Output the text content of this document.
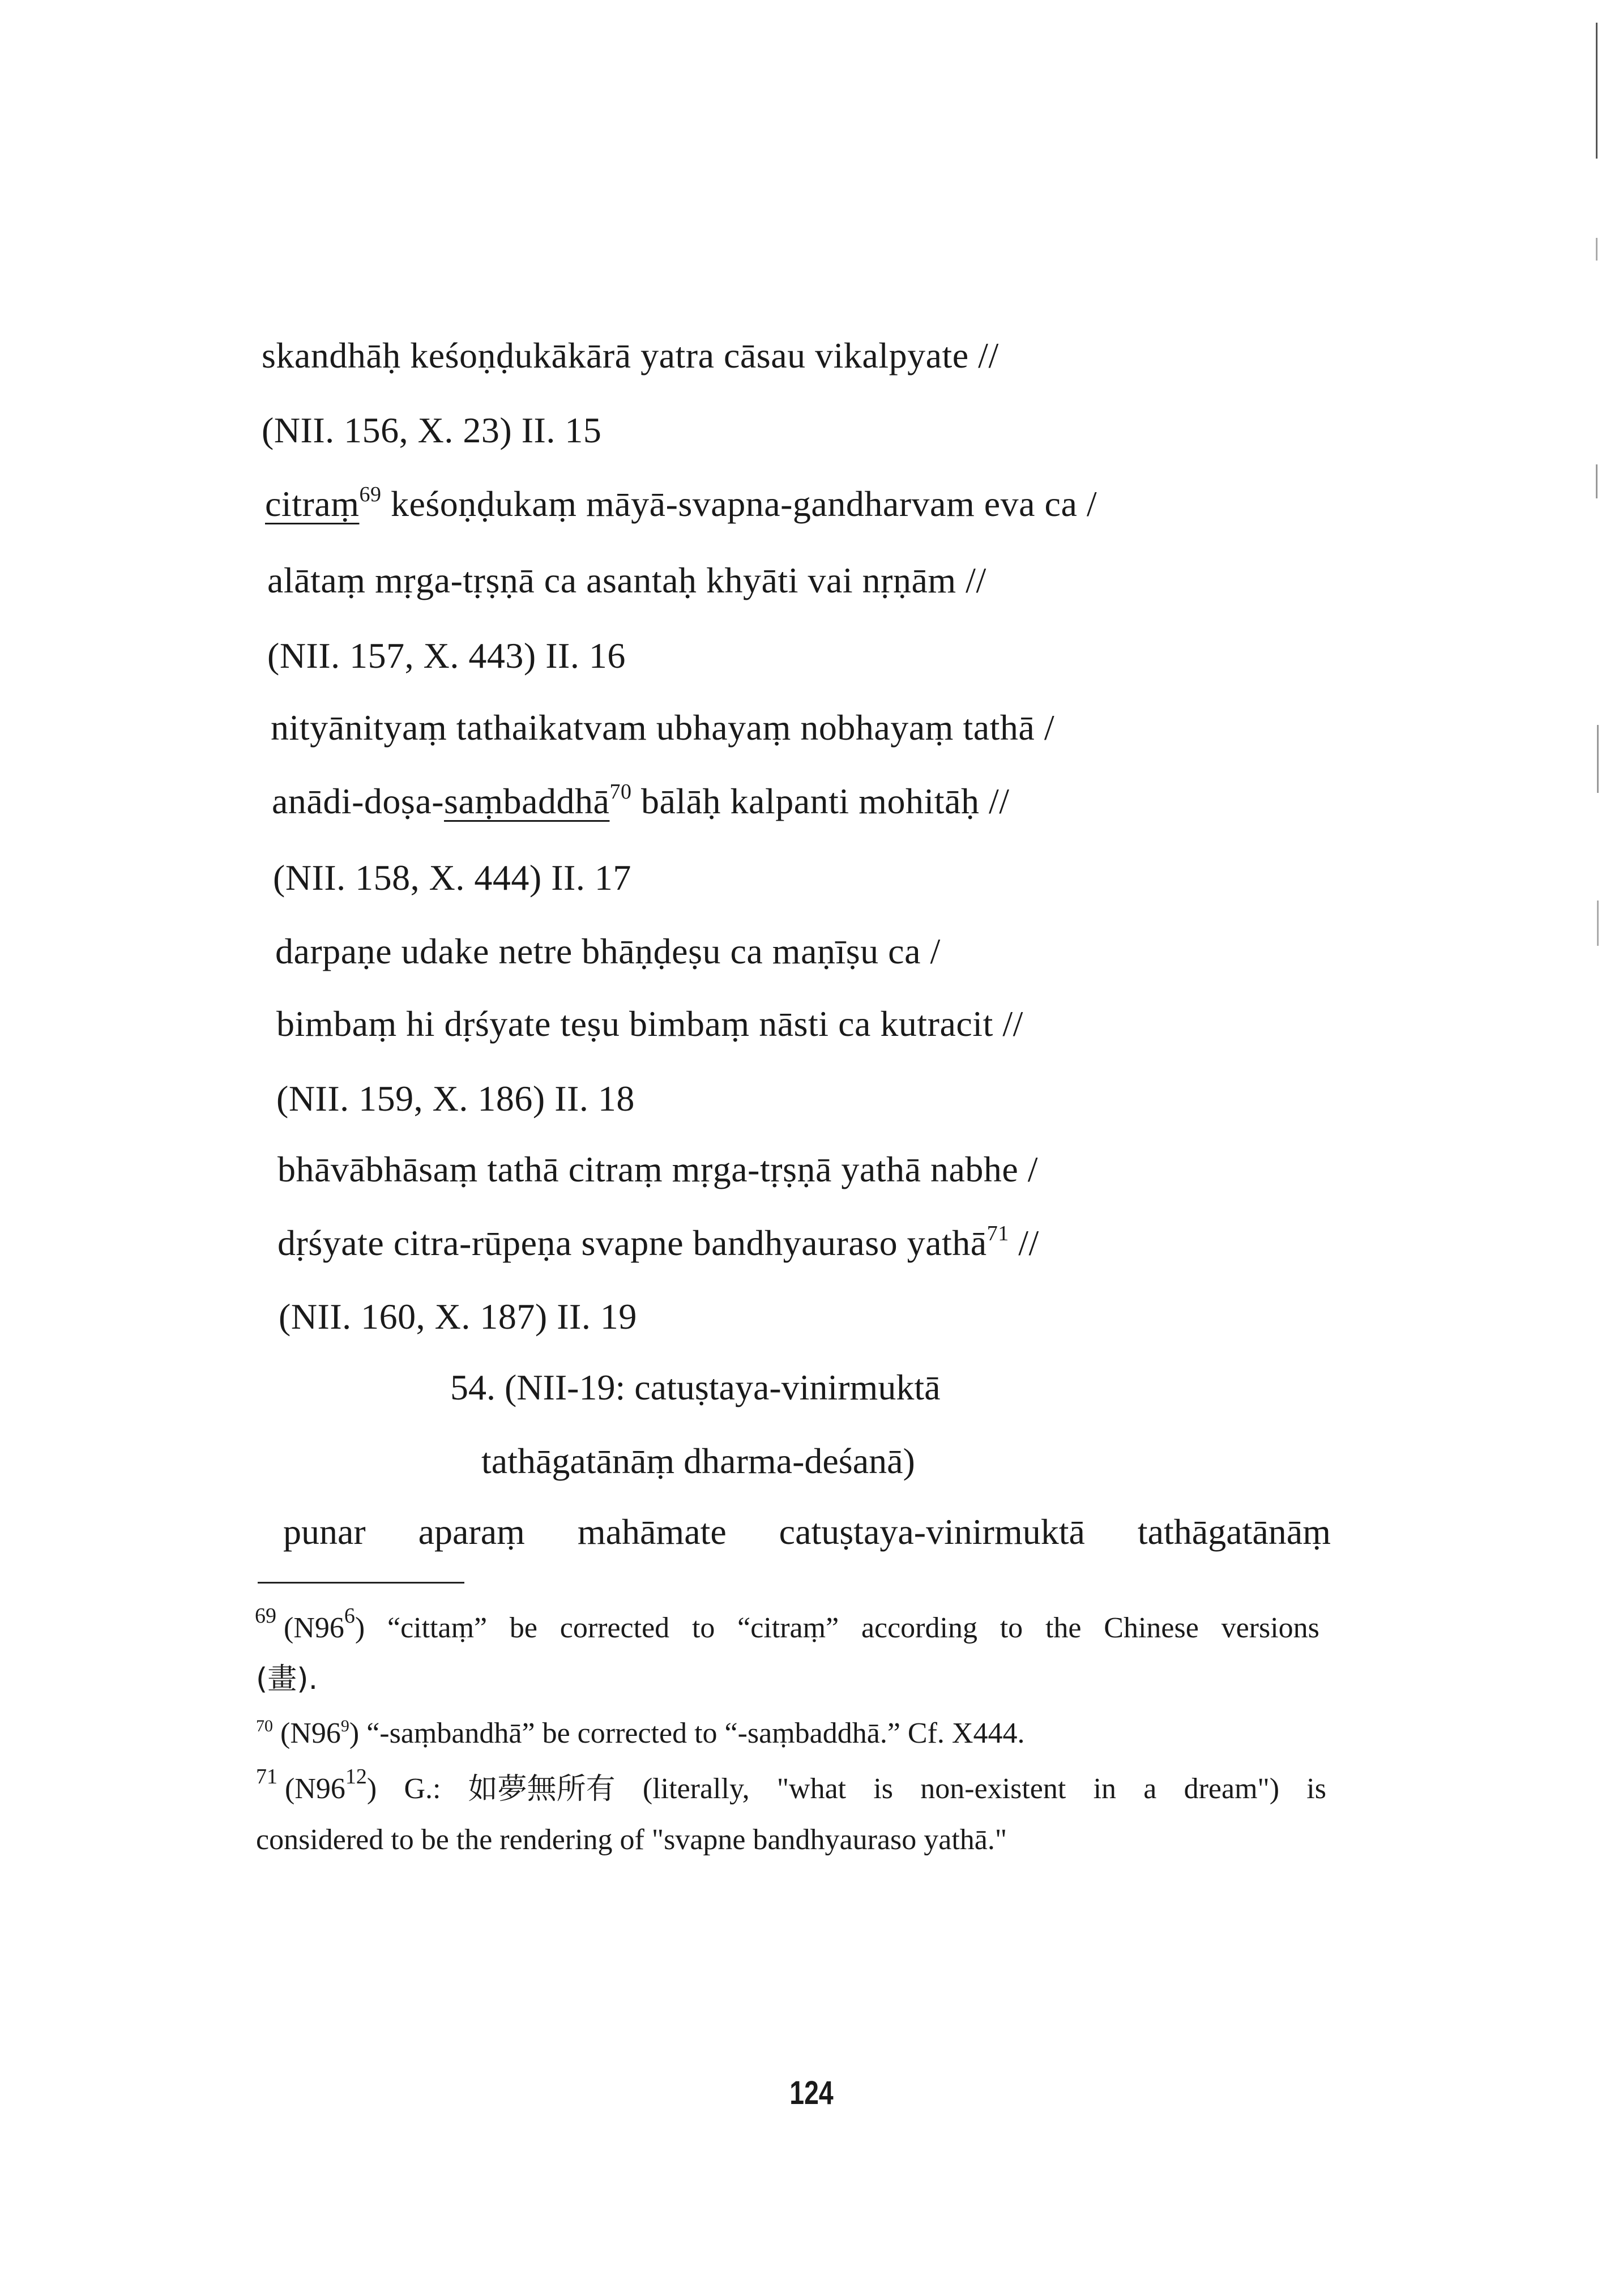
skandhāḥ keśoṇḍukākārā yatra cāsau vikalpyate //
(NII. 156, X. 23) II. 15
citraṃ$^{69}$ keśoṇḍukaṃ māyā-svapna-gandharvam eva ca /
alātaṃ mṛga-tṛṣṇā ca asantaḥ khyāti vai nṛṇām //
(NII. 157, X. 443) II. 16
nityānityaṃ tathaikatvam ubhayaṃ nobhayaṃ tathā /
anādi-doṣa-saṃbaddhā$^{70}$ bālāḥ kalpanti mohitāḥ //
(NII. 158, X. 444) II. 17
darpaṇe udake netre bhāṇḍeṣu ca maṇīṣu ca /
bimbaṃ hi dṛśyate teṣu bimbaṃ nāsti ca kutracit //
(NII. 159, X. 186) II. 18
bhāvābhāsaṃ tathā citraṃ mṛga-tṛṣṇā yathā nabhe /
dṛśyate citra-rūpeṇa svapne bandhyauraso yathā$^{71}$ //
(NII. 160, X. 187) II. 19
54. (NII-19: catuṣtaya-vinirmuktā
tathāgatānāṃ dharma-deśanā)
punar aparaṃ mahāmate catuṣtaya-vinirmuktā tathāgatānāṃ
$^{69}$ $(N96^6)$ “cittaṃ” be corrected to “citraṃ” according to the Chinese versions
(畫).
$^{70}$ $(N96^9)$ “-saṃbandhā” be corrected to “-saṃbaddhā.” Cf. X444.
$^{71}$ $(N96^{12})$ G.: 如夢無所有 (literally, "what is non-existent in a dream") is
considered to be the rendering of "svapne bandhyauraso yathā."
124
